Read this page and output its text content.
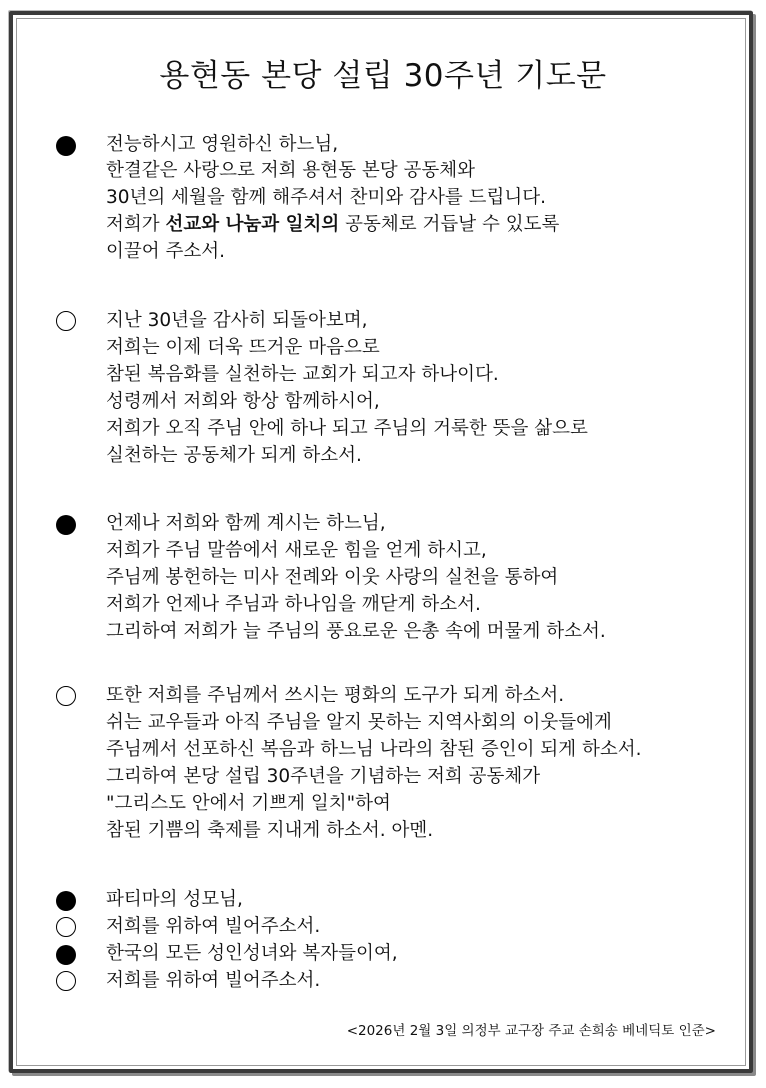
용현동 본당 설립 30주년 기도문
전능하시고 영원하신 하느님,
한결같은 사랑으로 저희 용현동 본당 공동체와
30년의 세월을 함께 해주셔서 찬미와 감사를 드립니다.
저희가 선교와 나눔과 일치의 공동체로 거듭날 수 있도록
이끌어 주소서.
지난 30년을 감사히 되돌아보며,
저희는 이제 더욱 뜨거운 마음으로
참된 복음화를 실천하는 교회가 되고자 하나이다.
성령께서 저희와 항상 함께하시어,
저희가 오직 주님 안에 하나 되고 주님의 거룩한 뜻을 삶으로
실천하는 공동체가 되게 하소서.
언제나 저희와 함께 계시는 하느님,
저희가 주님 말씀에서 새로운 힘을 얻게 하시고,
주님께 봉헌하는 미사 전례와 이웃 사랑의 실천을 통하여
저희가 언제나 주님과 하나임을 깨닫게 하소서.
그리하여 저희가 늘 주님의 풍요로운 은총 속에 머물게 하소서.
또한 저희를 주님께서 쓰시는 평화의 도구가 되게 하소서.
쉬는 교우들과 아직 주님을 알지 못하는 지역사회의 이웃들에게
주님께서 선포하신 복음과 하느님 나라의 참된 증인이 되게 하소서.
그리하여 본당 설립 30주년을 기념하는 저희 공동체가
"그리스도 안에서 기쁘게 일치"하여
참된 기쁨의 축제를 지내게 하소서. 아멘.
파티마의 성모님,
저희를 위하여 빌어주소서.
한국의 모든 성인성녀와 복자들이여,
저희를 위하여 빌어주소서.
<2026년 2월 3일 의정부 교구장 주교 손희송 베네딕토 인준>
